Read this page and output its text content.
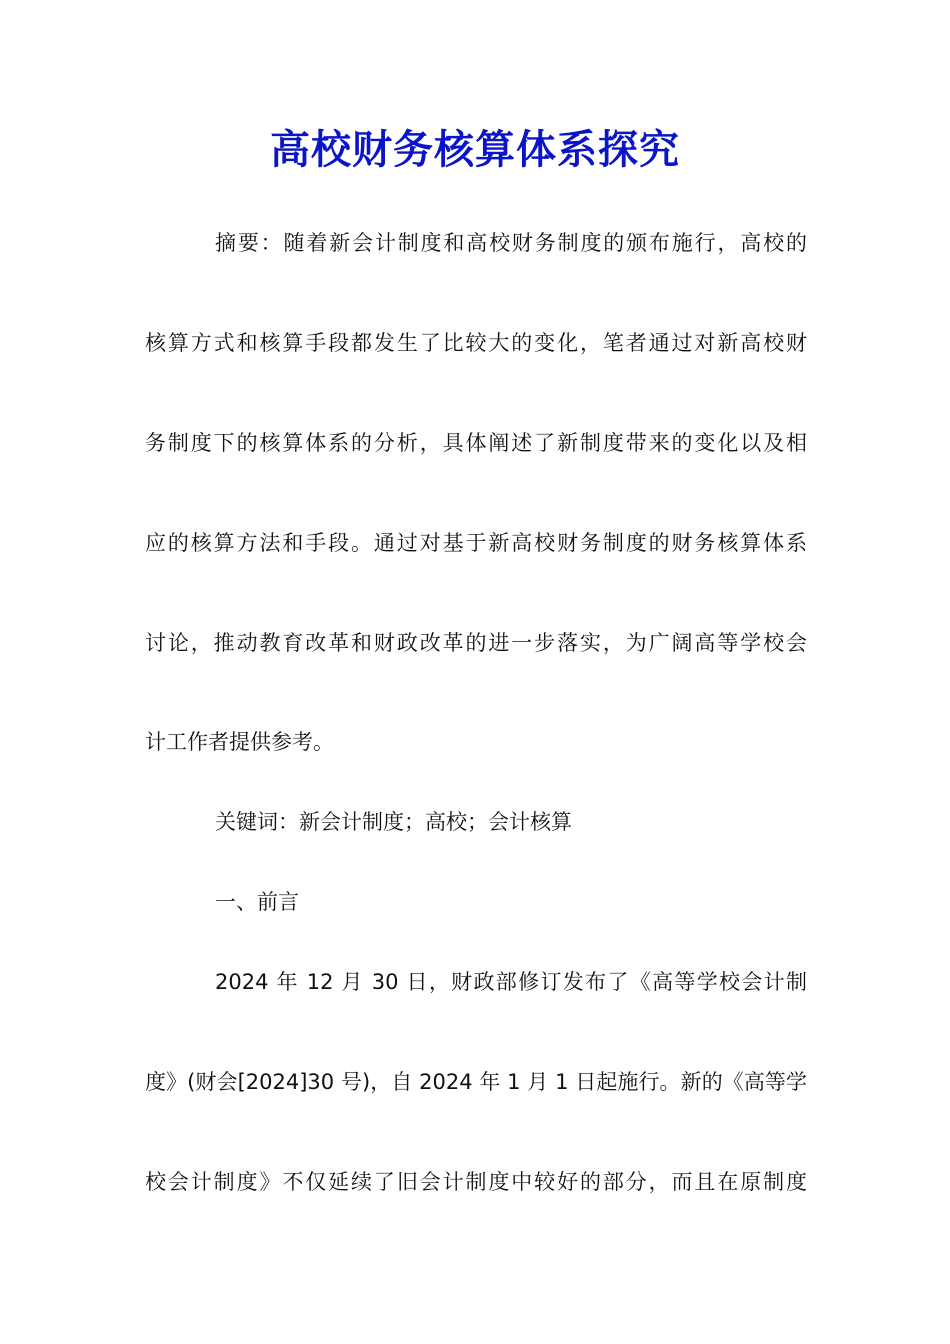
高校财务核算体系探究
摘要：随着新会计制度和高校财务制度的颁布施行，高校的
核算方式和核算手段都发生了比较大的变化，笔者通过对新高校财
务制度下的核算体系的分析，具体阐述了新制度带来的变化以及相
应的核算方法和手段。通过对基于新高校财务制度的财务核算体系
讨论，推动教育改革和财政改革的进一步落实，为广阔高等学校会
计工作者提供参考。
关键词：新会计制度；高校；会计核算
一、前言
2024 年 12 月 30 日，财政部修订发布了《高等学校会计制
度》(财会[2024]30 号)，自 2024 年 1 月 1 日起施行。新的《高等学
校会计制度》不仅延续了旧会计制度中较好的部分，而且在原制度
